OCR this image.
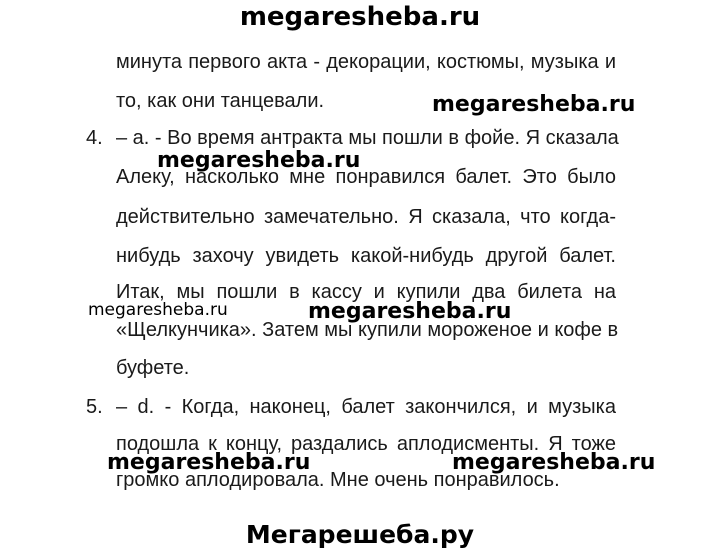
megaresheba.ru
минута первого акта - декорации, костюмы, музыка и
то, как они танцевали.
4. – a. - Во время антракта мы пошли в фойе. Я сказала
Алеку, насколько мне понравился балет. Это было
действительно замечательно. Я сказала, что когда-
нибудь захочу увидеть какой-нибудь другой балет.
Итак, мы пошли в кассу и купили два билета на
«Щелкунчика». Затем мы купили мороженое и кофе в
буфете.
5. – d. - Когда, наконец, балет закончился, и музыка
подошла к концу, раздались аплодисменты. Я тоже
громко аплодировала. Мне очень понравилось.
megaresheba.ru
megaresheba.ru
megaresheba.ru	megaresheba.ru
megaresheba.ru	megaresheba.ru
Мегарешеба.ру
